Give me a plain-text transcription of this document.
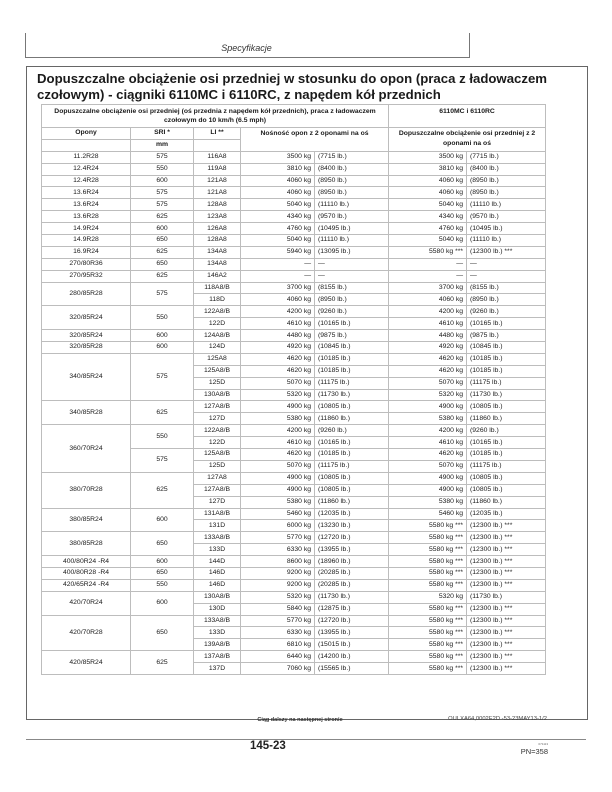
Specyfikacje
Dopuszczalne obciążenie osi przedniej w stosunku do opon (praca z ładowaczem czołowym) - ciągniki 6110MC i 6110RC, z napędem kół przednich
Dopuszczalne obciążenie osi przedniej (oś przednia z napędem kół przednich), praca z ładowaczem czołowym do 10 km/h (6.5 mph)					6110MC i 6110RC	
Opony	SRI *	LI **	Nośność opon z 2 oponami na oś		Dopuszczalne obciążenie osi przedniej z 2 oponami na oś	
	mm					
11.2R28	575	116A8	3500 kg	(7715 lb.)	3500 kg	(7715 lb.)
12.4R24	550	119A8	3810 kg	(8400 lb.)	3810 kg	(8400 lb.)
12.4R28	600	121A8	4060 kg	(8950 lb.)	4060 kg	(8950 lb.)
13.6R24	575	121A8	4060 kg	(8950 lb.)	4060 kg	(8950 lb.)
13.6R24	575	128A8	5040 kg	(11110 lb.)	5040 kg	(11110 lb.)
13.6R28	625	123A8	4340 kg	(9570 lb.)	4340 kg	(9570 lb.)
14.9R24	600	126A8	4760 kg	(10495 lb.)	4760 kg	(10495 lb.)
14.9R28	650	128A8	5040 kg	(11110 lb.)	5040 kg	(11110 lb.)
16.9R24	625	134A8	5940 kg	(13095 lb.)	5580 kg ***	(12300 lb.) ***
270/80R36	650	134A8	—	—	—	—
270/95R32	625	146A2	—	—	—	—
280/85R28	575	118A8/B	3700 kg	(8155 lb.)	3700 kg	(8155 lb.)
		118D	4060 kg	(8950 lb.)	4060 kg	(8950 lb.)
320/85R24	550	122A8/B	4200 kg	(9260 lb.)	4200 kg	(9260 lb.)
		122D	4610 kg	(10165 lb.)	4610 kg	(10165 lb.)
320/85R24	600	124A8/B	4480 kg	(9875 lb.)	4480 kg	(9875 lb.)
320/85R28	600	124D	4920 kg	(10845 lb.)	4920 kg	(10845 lb.)
340/85R24	575	125A8	4620 kg	(10185 lb.)	4620 kg	(10185 lb.)
		125A8/B	4620 kg	(10185 lb.)	4620 kg	(10185 lb.)
		125D	5070 kg	(11175 lb.)	5070 kg	(11175 lb.)
		130A8/B	5320 kg	(11730 lb.)	5320 kg	(11730 lb.)
340/85R28	625	127A8/B	4900 kg	(10805 lb.)	4900 kg	(10805 lb.)
		127D	5380 kg	(11860 lb.)	5380 kg	(11860 lb.)
360/70R24	550	122A8/B	4200 kg	(9260 lb.)	4200 kg	(9260 lb.)
		122D	4610 kg	(10165 lb.)	4610 kg	(10165 lb.)
	575	125A8/B	4620 kg	(10185 lb.)	4620 kg	(10185 lb.)
		125D	5070 kg	(11175 lb.)	5070 kg	(11175 lb.)
380/70R28	625	127A8	4900 kg	(10805 lb.)	4900 kg	(10805 lb.)
		127A8/B	4900 kg	(10805 lb.)	4900 kg	(10805 lb.)
		127D	5380 kg	(11860 lb.)	5380 kg	(11860 lb.)
380/85R24	600	131A8/B	5460 kg	(12035 lb.)	5460 kg	(12035 lb.)
		131D	6000 kg	(13230 lb.)	5580 kg ***	(12300 lb.) ***
380/85R28	650	133A8/B	5770 kg	(12720 lb.)	5580 kg ***	(12300 lb.) ***
		133D	6330 kg	(13955 lb.)	5580 kg ***	(12300 lb.) ***
400/80R24 -R4	600	144D	8600 kg	(18960 lb.)	5580 kg ***	(12300 lb.) ***
400/80R28 -R4	650	146D	9200 kg	(20285 lb.)	5580 kg ***	(12300 lb.) ***
420/65R24 -R4	550	146D	9200 kg	(20285 lb.)	5580 kg ***	(12300 lb.) ***
420/70R24	600	130A8/B	5320 kg	(11730 lb.)	5320 kg	(11730 lb.)
		130D	5840 kg	(12875 lb.)	5580 kg ***	(12300 lb.) ***
420/70R28	650	133A8/B	5770 kg	(12720 lb.)	5580 kg ***	(12300 lb.) ***
		133D	6330 kg	(13955 lb.)	5580 kg ***	(12300 lb.) ***
		139A8/B	6810 kg	(15015 lb.)	5580 kg ***	(12300 lb.) ***
420/85R24	625	137A8/B	6440 kg	(14200 lb.)	5580 kg ***	(12300 lb.) ***
		137D	7060 kg	(15565 lb.)	5580 kg ***	(12300 lb.) ***
Ciąg dalszy na następnej stronie	OULXA64,0002E2D -53-23MAY13-1/2
145-23	071113
PN=358
